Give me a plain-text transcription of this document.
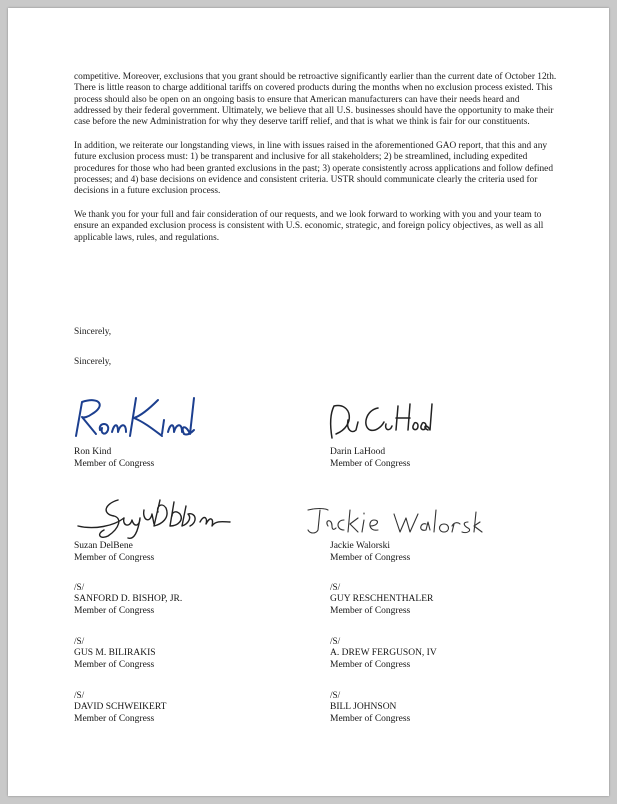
competitive. Moreover, exclusions that you grant should be retroactive significantly earlier than the current date of October 12th. There is little reason to charge additional tariffs on covered products during the months when no exclusion process existed. This process should also be open on an ongoing basis to ensure that American manufacturers can have their needs heard and addressed by their federal government. Ultimately, we believe that all U.S. businesses should have the opportunity to make their case before the new Administration for why they deserve tariff relief, and that is what we think is fair for our constituents.

In addition, we reiterate our longstanding views, in line with issues raised in the aforementioned GAO report, that this and any future exclusion process must: 1) be transparent and inclusive for all stakeholders; 2) be streamlined, including expedited procedures for those who had been granted exclusions in the past; 3) operate consistently across applications and follow defined processes; and 4) base decisions on evidence and consistent criteria. USTR should communicate clearly the criteria used for decisions in a future exclusion process.

We thank you for your full and fair consideration of our requests, and we look forward to working with you and your team to ensure an expanded exclusion process is consistent with U.S. economic, strategic, and foreign policy objectives, as well as all applicable laws, rules, and regulations.

Sincerely,
Sincerely,
Ron Kind
Member of Congress
Darin LaHood
Member of Congress
Suzan DelBene
Member of Congress
Jackie Walorski
Member of Congress
/S/
SANFORD D. BISHOP, JR.
Member of Congress
/S/
GUY RESCHENTHALER
Member of Congress
/S/
GUS M. BILIRAKIS
Member of Congress
/S/
A. DREW FERGUSON, IV
Member of Congress
/S/
DAVID SCHWEIKERT
Member of Congress
/S/
BILL JOHNSON
Member of Congress
